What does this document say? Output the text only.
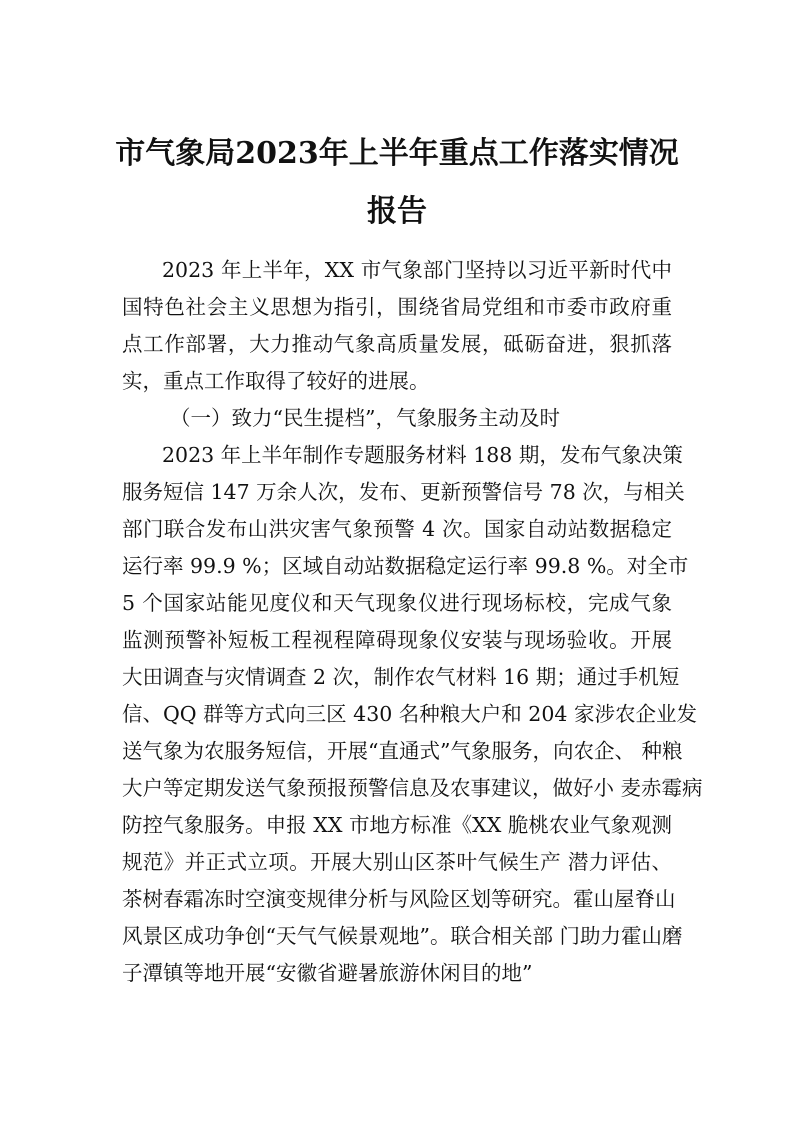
市气象局2023年上半年重点工作落实情况
报告
2023 年上半年，XX 市气象部门坚持以习近平新时代中
国特色社会主义思想为指引，围绕省局党组和市委市政府重
点工作部署，大力推动气象高质量发展，砥砺奋进，狠抓落
实，重点工作取得了较好的进展。
（一）致力“民生提档”，气象服务主动及时
2023 年上半年制作专题服务材料 188 期，发布气象决策
服务短信 147 万余人次，发布、更新预警信号 78 次，与相关
部门联合发布山洪灾害气象预警 4 次。国家自动站数据稳定
运行率 99.9 %；区域自动站数据稳定运行率 99.8 %。对全市
5 个国家站能见度仪和天气现象仪进行现场标校，完成气象
监测预警补短板工程视程障碍现象仪安装与现场验收。开展
大田调查与灾情调查 2 次，制作农气材料 16 期；通过手机短
信、QQ 群等方式向三区 430 名种粮大户和 204 家涉农企业发
送气象为农服务短信，开展“直通式”气象服务，向农企、 种粮
大户等定期发送气象预报预警信息及农事建议，做好小 麦赤霉病
防控气象服务。申报 XX 市地方标准《XX 脆桃农业气象观测
规范》并正式立项。开展大别山区茶叶气候生产 潜力评估、
茶树春霜冻时空演变规律分析与风险区划等研究。霍山屋脊山
风景区成功争创“天气气候景观地”。联合相关部 门助力霍山磨
子潭镇等地开展“安徽省避暑旅游休闲目的地”
